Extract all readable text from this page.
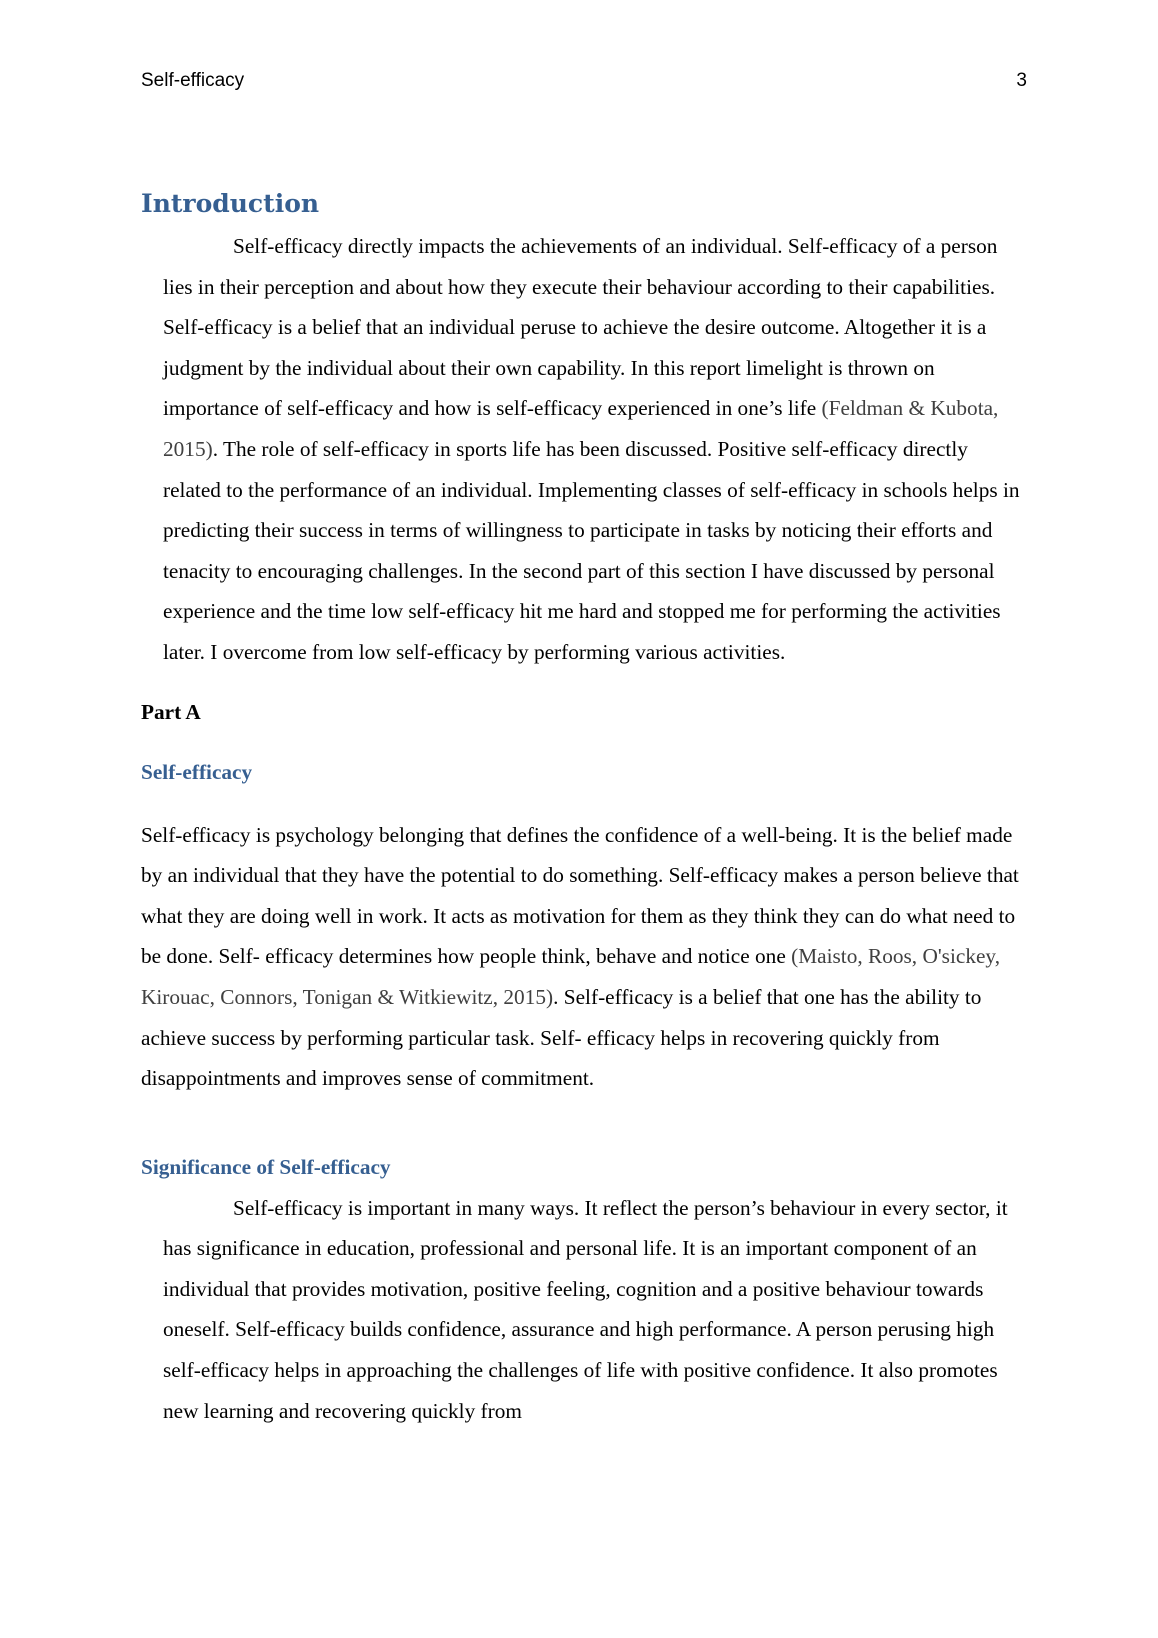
Self-efficacy	3
Introduction

Self-efficacy directly impacts the achievements of an individual. Self-efficacy of a person lies in their perception and about how they execute their behaviour according to their capabilities. Self-efficacy is a belief that an individual peruse to achieve the desire outcome. Altogether it is a judgment by the individual about their own capability. In this report limelight is thrown on importance of self-efficacy and how is self-efficacy experienced in one’s life (Feldman & Kubota, 2015). The role of self-efficacy in sports life has been discussed. Positive self-efficacy directly related to the performance of an individual. Implementing classes of self-efficacy in schools helps in predicting their success in terms of willingness to participate in tasks by noticing their efforts and tenacity to encouraging challenges. In the second part of this section I have discussed by personal experience and the time low self-efficacy hit me hard and stopped me for performing the activities later. I overcome from low self-efficacy by performing various activities.

Part A
Self-efficacy

Self-efficacy is psychology belonging that defines the confidence of a well-being. It is the belief made by an individual that they have the potential to do something. Self-efficacy makes a person believe that what they are doing well in work. It acts as motivation for them as they think they can do what need to be done. Self- efficacy determines how people think, behave and notice one (Maisto, Roos, O'sickey, Kirouac, Connors, Tonigan & Witkiewitz, 2015). Self-efficacy is a belief that one has the ability to achieve success by performing particular task. Self- efficacy helps in recovering quickly from disappointments and improves sense of commitment.

Significance of Self-efficacy

Self-efficacy is important in many ways. It reflect the person’s behaviour in every sector, it has significance in education, professional and personal life. It is an important component of an individual that provides motivation, positive feeling, cognition and a positive behaviour towards oneself. Self-efficacy builds confidence, assurance and high performance. A person perusing high self-efficacy helps in approaching the challenges of life with positive confidence. It also promotes new learning and recovering quickly from
